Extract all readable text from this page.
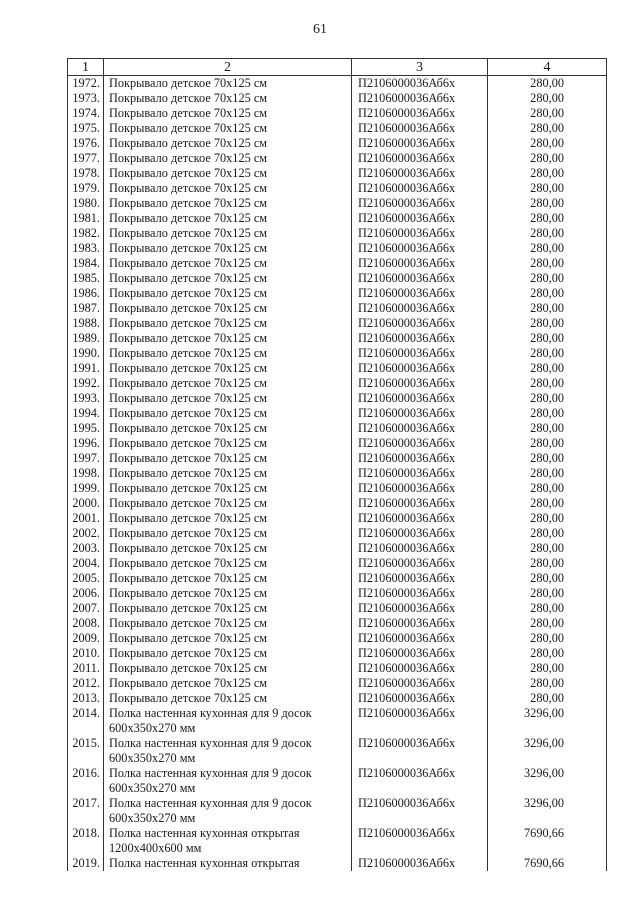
61
1	2	3	4
1972.	Покрывало детское 70x125 см	П2106000036Аб6х	280,00
1973.	Покрывало детское 70x125 см	П2106000036Аб6х	280,00
1974.	Покрывало детское 70x125 см	П2106000036Аб6х	280,00
1975.	Покрывало детское 70x125 см	П2106000036Аб6х	280,00
1976.	Покрывало детское 70x125 см	П2106000036Аб6х	280,00
1977.	Покрывало детское 70x125 см	П2106000036Аб6х	280,00
1978.	Покрывало детское 70x125 см	П2106000036Аб6х	280,00
1979.	Покрывало детское 70x125 см	П2106000036Аб6х	280,00
1980.	Покрывало детское 70x125 см	П2106000036Аб6х	280,00
1981.	Покрывало детское 70x125 см	П2106000036Аб6х	280,00
1982.	Покрывало детское 70x125 см	П2106000036Аб6х	280,00
1983.	Покрывало детское 70x125 см	П2106000036Аб6х	280,00
1984.	Покрывало детское 70x125 см	П2106000036Аб6х	280,00
1985.	Покрывало детское 70x125 см	П2106000036Аб6х	280,00
1986.	Покрывало детское 70x125 см	П2106000036Аб6х	280,00
1987.	Покрывало детское 70x125 см	П2106000036Аб6х	280,00
1988.	Покрывало детское 70x125 см	П2106000036Аб6х	280,00
1989.	Покрывало детское 70x125 см	П2106000036Аб6х	280,00
1990.	Покрывало детское 70x125 см	П2106000036Аб6х	280,00
1991.	Покрывало детское 70x125 см	П2106000036Аб6х	280,00
1992.	Покрывало детское 70x125 см	П2106000036Аб6х	280,00
1993.	Покрывало детское 70x125 см	П2106000036Аб6х	280,00
1994.	Покрывало детское 70x125 см	П2106000036Аб6х	280,00
1995.	Покрывало детское 70x125 см	П2106000036Аб6х	280,00
1996.	Покрывало детское 70x125 см	П2106000036Аб6х	280,00
1997.	Покрывало детское 70x125 см	П2106000036Аб6х	280,00
1998.	Покрывало детское 70x125 см	П2106000036Аб6х	280,00
1999.	Покрывало детское 70x125 см	П2106000036Аб6х	280,00
2000.	Покрывало детское 70x125 см	П2106000036Аб6х	280,00
2001.	Покрывало детское 70x125 см	П2106000036Аб6х	280,00
2002.	Покрывало детское 70x125 см	П2106000036Аб6х	280,00
2003.	Покрывало детское 70x125 см	П2106000036Аб6х	280,00
2004.	Покрывало детское 70x125 см	П2106000036Аб6х	280,00
2005.	Покрывало детское 70x125 см	П2106000036Аб6х	280,00
2006.	Покрывало детское 70x125 см	П2106000036Аб6х	280,00
2007.	Покрывало детское 70x125 см	П2106000036Аб6х	280,00
2008.	Покрывало детское 70x125 см	П2106000036Аб6х	280,00
2009.	Покрывало детское 70x125 см	П2106000036Аб6х	280,00
2010.	Покрывало детское 70x125 см	П2106000036Аб6х	280,00
2011.	Покрывало детское 70x125 см	П2106000036Аб6х	280,00
2012.	Покрывало детское 70x125 см	П2106000036Аб6х	280,00
2013.	Покрывало детское 70x125 см	П2106000036Аб6х	280,00
2014.	Полка настенная кухонная для 9 досок
600x350x270 мм	П2106000036Аб6х	3296,00
2015.	Полка настенная кухонная для 9 досок
600x350x270 мм	П2106000036Аб6х	3296,00
2016.	Полка настенная кухонная для 9 досок
600x350x270 мм	П2106000036Аб6х	3296,00
2017.	Полка настенная кухонная для 9 досок
600x350x270 мм	П2106000036Аб6х	3296,00
2018.	Полка настенная кухонная открытая
1200x400x600 мм	П2106000036Аб6х	7690,66
2019.	Полка настенная кухонная открытая	П2106000036Аб6х	7690,66
